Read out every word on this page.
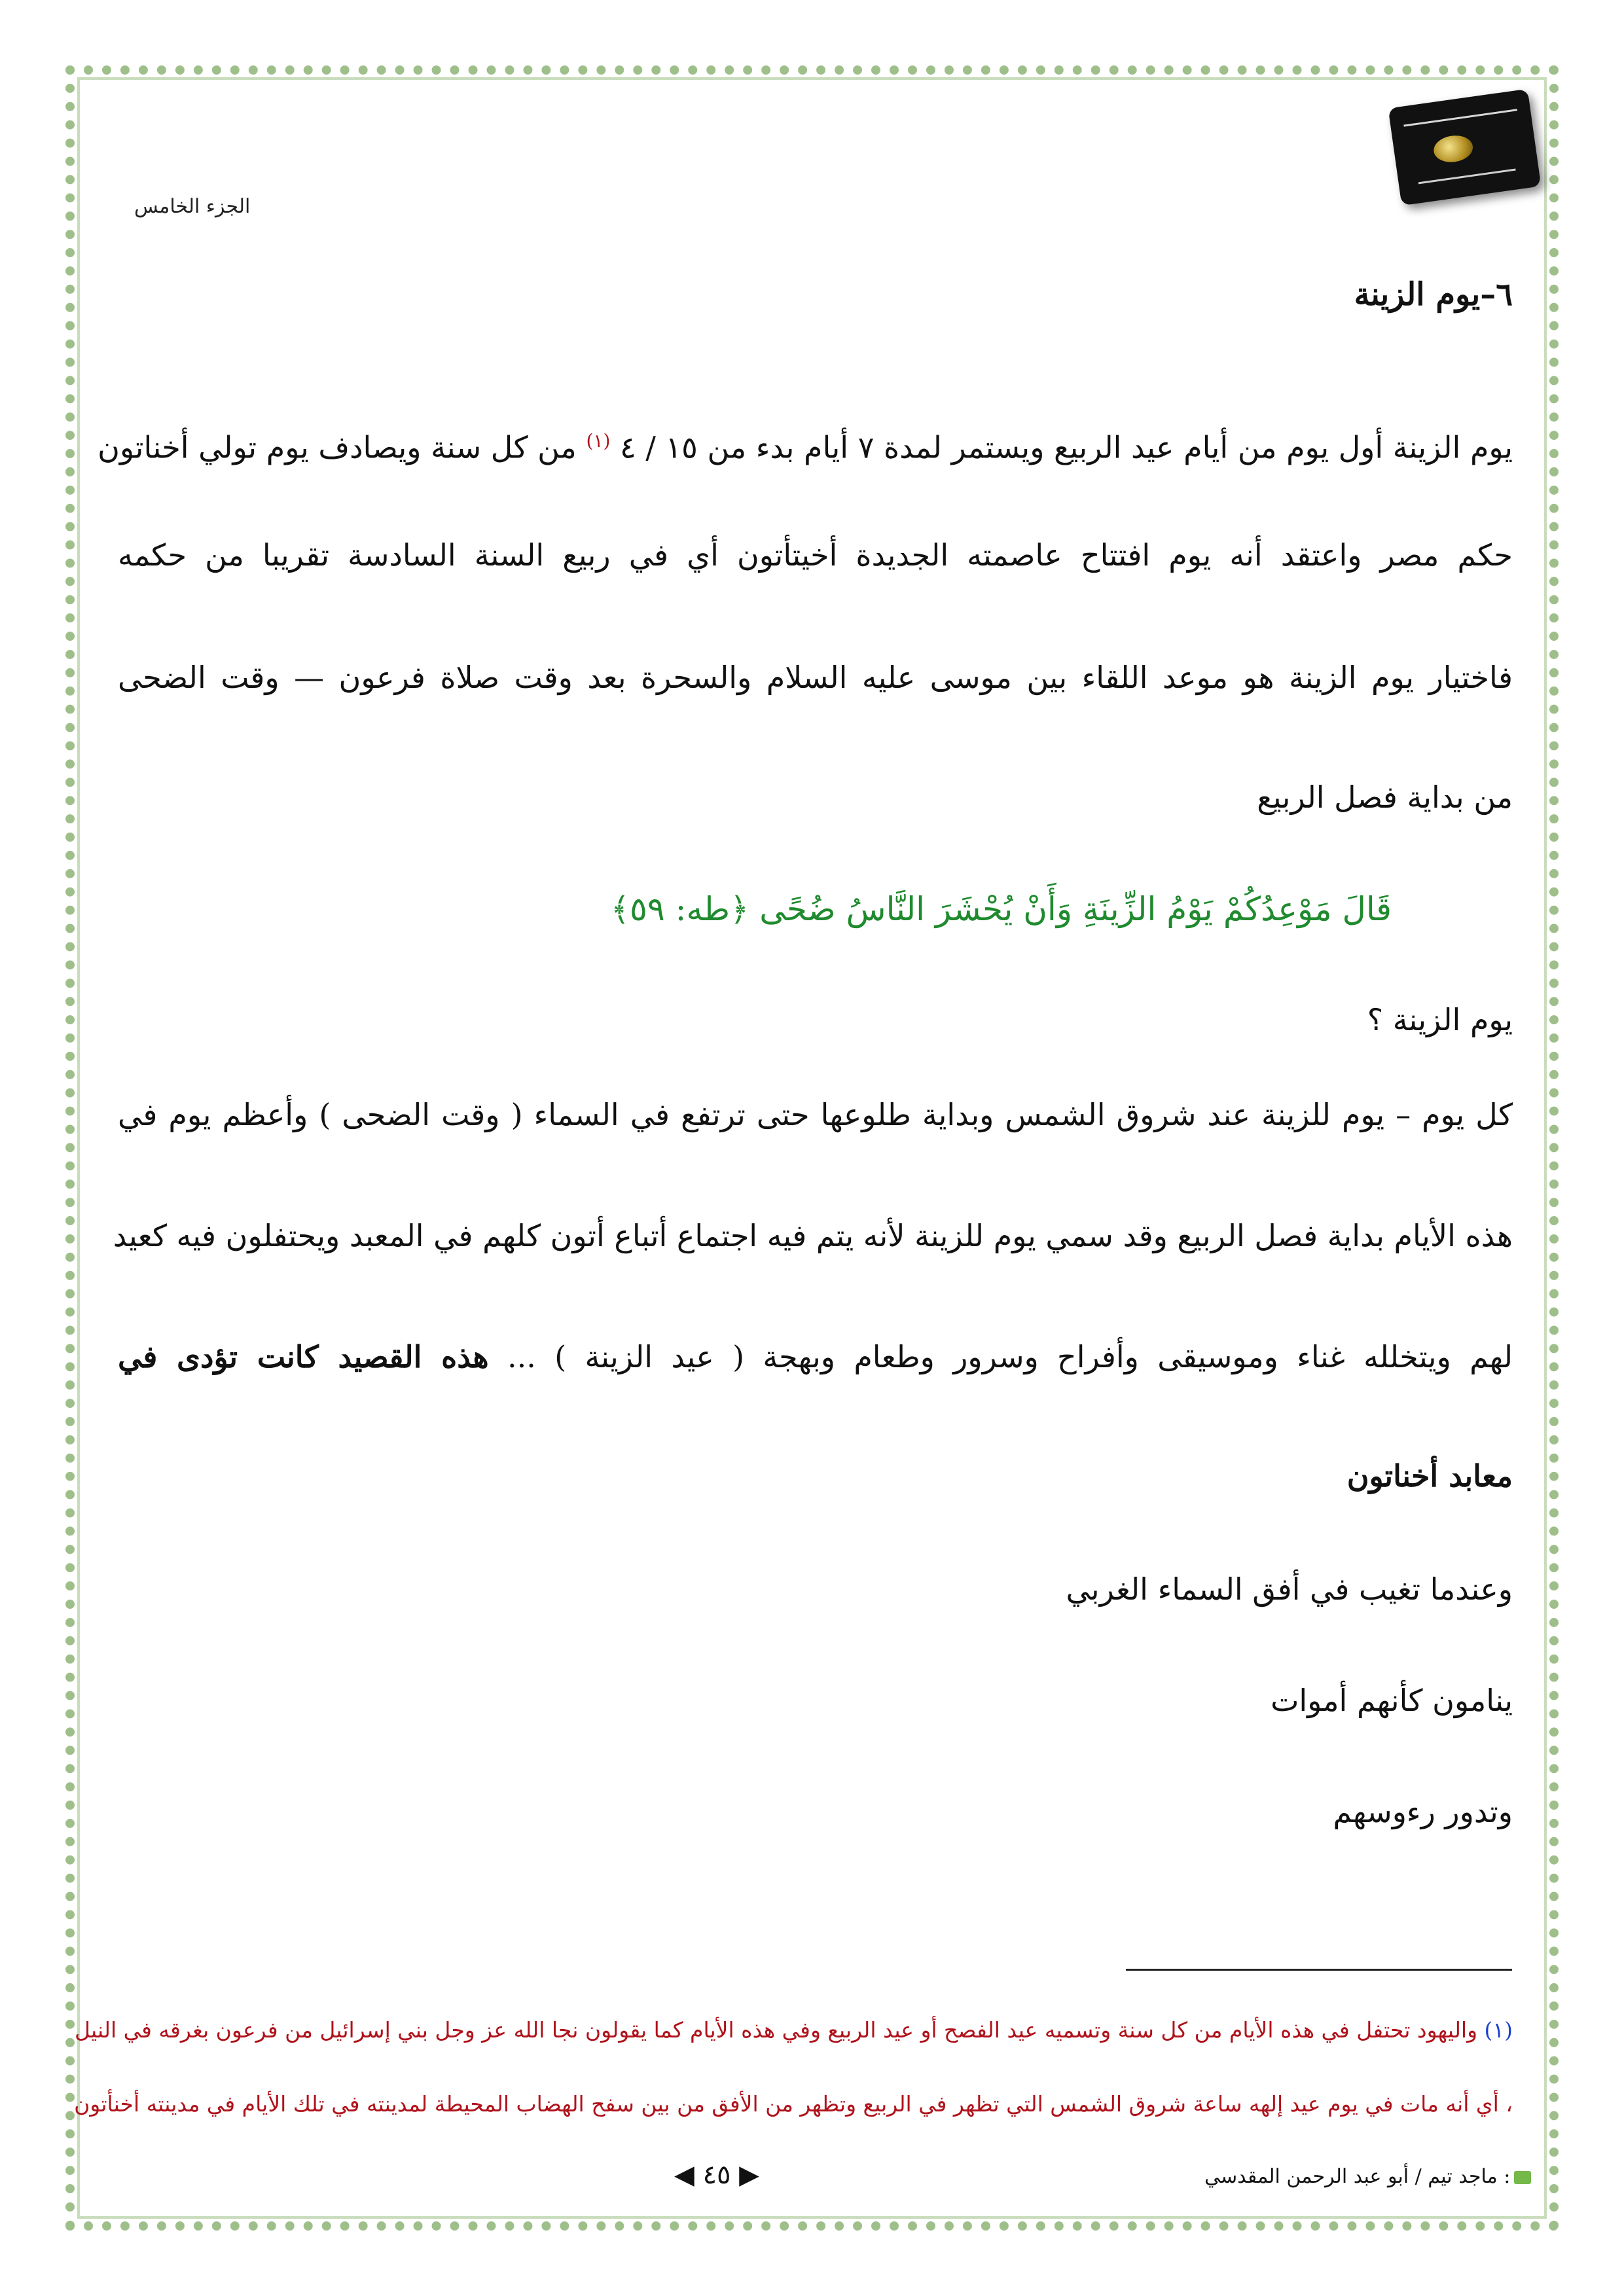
الجزء الخامس
٦–يوم الزينة
يوم الزينة أول يوم من أيام عيد الربيع ويستمر لمدة ٧ أيام بدء من ١٥ / ٤ $^{(١)}$ من كل سنة ويصادف يوم تولي أخناتون
حكم مصر واعتقد أنه يوم افتتاح عاصمته الجديدة أخيتأتون أي في ربيع السنة السادسة تقريبا من حكمه
فاختيار يوم الزينة هو موعد اللقاء بين موسى عليه السلام والسحرة بعد وقت صلاة فرعون — وقت الضحى
من بداية فصل الربيع
قَالَ مَوْعِدُكُمْ يَوْمُ الزِّينَةِ وَأَنْ يُحْشَرَ النَّاسُ ضُحًى ﴿طه: ٥٩﴾
يوم الزينة ؟
كل يوم – يوم للزينة عند شروق الشمس وبداية طلوعها حتى ترتفع في السماء ( وقت الضحى ) وأعظم يوم في
هذه الأيام بداية فصل الربيع وقد سمي يوم للزينة لأنه يتم فيه اجتماع أتباع أتون كلهم في المعبد ويحتفلون فيه كعيد
لهم ويتخلله غناء وموسيقى وأفراح وسرور وطعام وبهجة ( عيد الزينة ) ... هذه القصيد كانت تؤدى في
معابد أخناتون
وعندما تغيب في أفق السماء الغربي
ينامون كأنهم أموات
وتدور رءوسهم
(١) واليهود تحتفل في هذه الأيام من كل سنة وتسميه عيد الفصح أو عيد الربيع وفي هذه الأيام كما يقولون نجا الله عز وجل بني إسرائيل من فرعون بغرقه في النيل
، أي أنه مات في يوم عيد إلهه ساعة شروق الشمس التي تظهر في الربيع وتظهر من الأفق من بين سفح الهضاب المحيطة لمدينته في تلك الأيام في مدينته أخنأتون
◀ ٤٥ ▶	: ماجد تيم / أبو عبد الرحمن المقدسي
